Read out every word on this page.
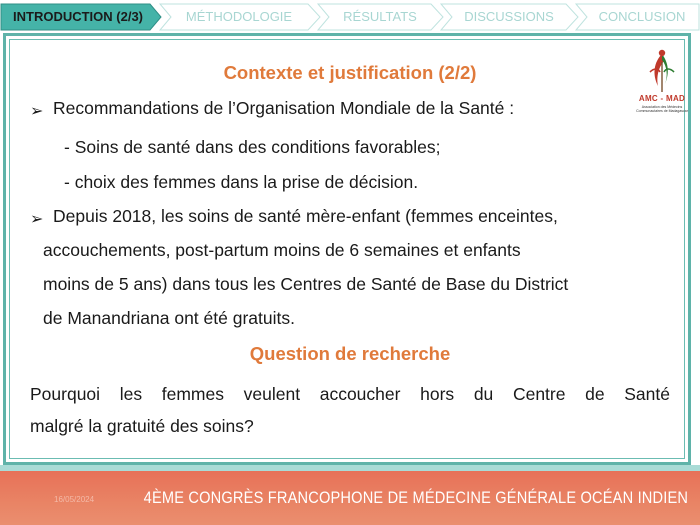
INTRODUCTION (2/3)	MÉTHODOLOGIE	RÉSULTATS	DISCUSSIONS	CONCLUSION
AMC - MAD
Association des Médecins Communautaires de Madagascar
Contexte et justification (2/2)
➢ Recommandations de l’Organisation Mondiale de la Santé :
- Soins de santé dans des conditions favorables;
- choix des femmes dans la prise de décision.
➢ Depuis 2018, les soins de santé mère-enfant (femmes enceintes,
accouchements, post-partum moins de 6 semaines et enfants
moins de 5 ans) dans tous les Centres de Santé de Base du District
de Manandriana ont été gratuits.
Question de recherche
Pourquoi les femmes veulent accoucher hors du Centre de Santé
malgré la gratuité des soins?
16/05/2024	4ÈME CONGRÈS FRANCOPHONE DE MÉDECINE GÉNÉRALE OCÉAN INDIEN
